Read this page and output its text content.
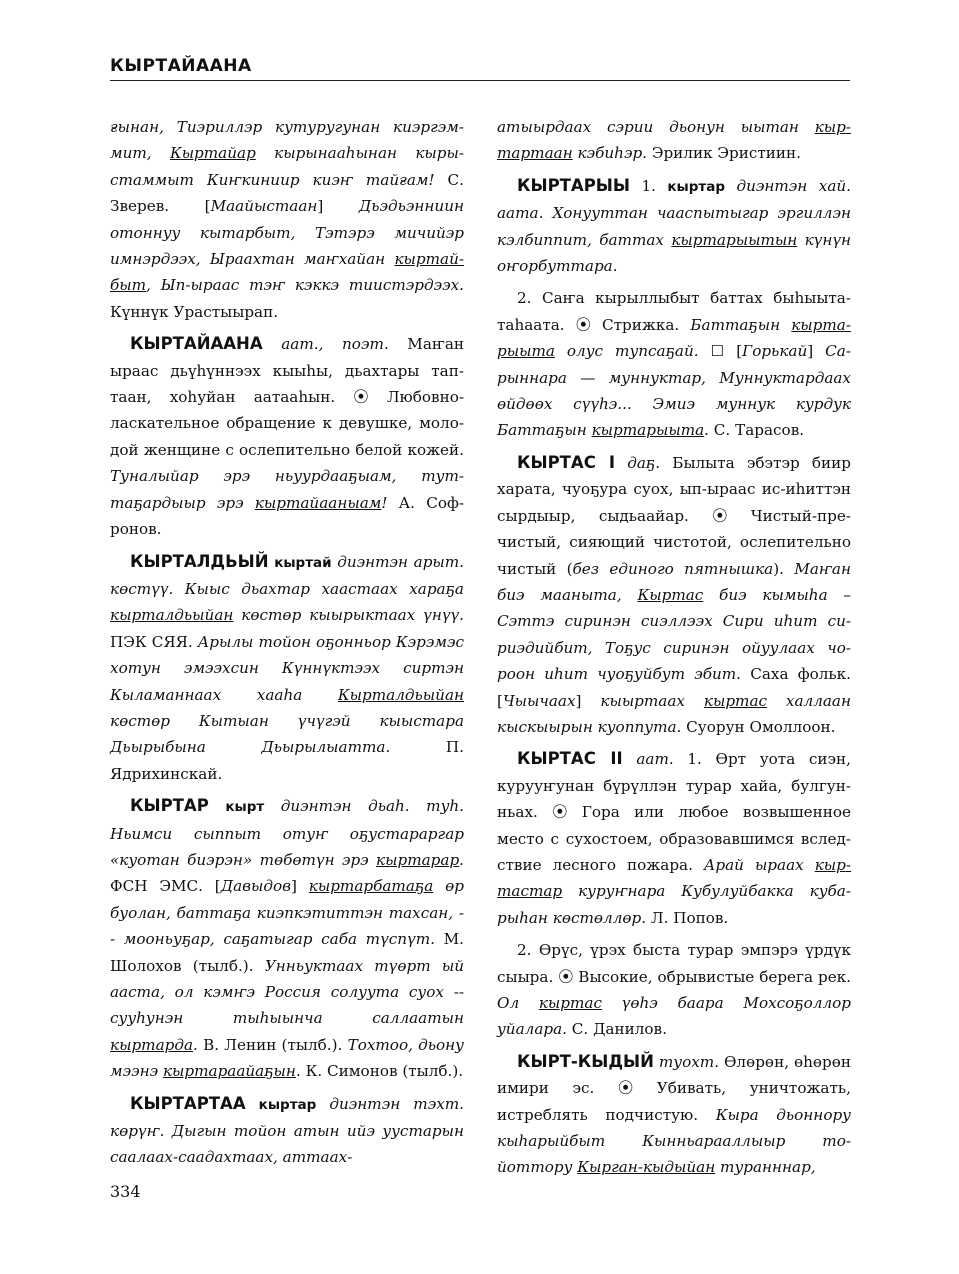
КЫРТАЙААНА

ғынан, Тиэриллэр кутуругунан киэргэммит, Кыртайар кырынааһынан кырыстаммыт Киҥкиниир киэҥ тайғам! С. Зверев. [Маайыстаан] Дьэдьэнниин отоннуу кытарбыт, Тэтэрэ мичийэр имнэрдээх, Ыраахтан маҥхайан кыртайбыт, Ып-ыраас тэҥ кэккэ тиистэрдээх. Күннүк Урастыырап.

КЫРТАЙААНА аат., поэт. Маҥан ыраас дьүһүннээх кыыһы, дьахтары таптаан, хоһуйан аатааһын. ⦿ Любовно-ласкательное обращение к девушке, молодой женщине с ослепительно белой кожей. Туналыйар эрэ ньуурдааҕыам, туттаҕардыыр эрэ кыртайааныам! А. Софронов.

КЫРТАЛДЬЫЙ кыртай диэнтэн арыт. көстүү. Кыыс дьахтар хаастаах хараҕа кырталдьыйан көстөр кыырыктаах үнүү. ПЭК СЯЯ. Арылы тойон оҕонньор Кэрэмэс хотун эмээхсин Күннүктээх сиртэн Кыламаннаах хааһа Кырталдьыйан көстөр Кытыан үчүгэй кыыстара Дьырыбына Дьырылыатта. П. Ядрихинскай.

КЫРТАР кырт диэнтэн дьаһ. туһ. Ньимси сыппыт отуҥ оҕустараргар «куотан биэрэн» төбөтүн эрэ кыртарар. ФСН ЭМС. [Давыдов] кыртарбатаҕа өр буолан, баттаҕа киэпкэтиттэн тахсан, -- мооньуҕар, саҕатыгар саба түспүт. М. Шолохов (тылб.). Унньуктаах түөрт ый ааста, ол кэмҥэ Россия солуута суох -- сууһунэн тыһыынча саллаатын кыртарда. В. Ленин (тылб.). Тохтоо, дьону мээнэ кыртараайаҕын. К. Симонов (тылб.).

КЫРТАРТАА кыртар диэнтэн тэхт. көрүҥ. Дыгын тойон атын ийэ уустарын саалаах-саадахтаах, аттаах-

атыырдаах сэрии дьонун ыытан кыртартаан кэбиһэр. Эрилик Эристиин.

КЫРТАРЫЫ 1. кыртар диэнтэн хай. аата. Хонууттан чааспытыгар эргиллэн кэлбиппит, баттах кыртарыытын күнүн оҥорбуттара.

2. Саҥа кырыллыбыт баттах быһыыта-таһаата. ⦿ Стрижка. Баттаҕын кыртарыыта олус тупсаҕай. ☐ [Горькай] Сарыннара — муннуктар, Муннуктардаах өйдөөх сүүһэ... Эмиэ муннук курдук Баттаҕын кыртарыыта. С. Тарасов.

КЫРТАС I даҕ. Былыта эбэтэр биир харата, чуоҕура суох, ып-ыраас ис-иһиттэн сырдыыр, сыдьаайар. ⦿ Чистый-пречистый, сияющий чистотой, ослепительно чистый (без единого пятнышка). Маҥан биэ мааныта, Кыртас биэ кымыһа – Сэттэ сиринэн сиэллээх Сири иһит сириэдийбит, Тоҕус сиринэн ойуулаах чороон иһит чуоҕуйбут эбит. Саха фольк. [Чыычаах] кыыртаах кыртас халлаан кыскыырын куоппута. Суорун Омоллоон.

КЫРТАС II аат. 1. Өрт уота сиэн, курууҥунан бүрүллэн турар хайа, булгунньах. ⦿ Гора или любое возвышенное место с сухостоем, образовавшимся вследствие лесного пожара. Арай ыраах кыртастар куруҥнара Кубулуйбакка кубарыһан көстөллөр. Л. Попов.

2. Өрүс, үрэх быста турар эмпэрэ үрдүк сыыра. ⦿ Высокие, обрывистые берега рек. Ол кыртас үөһэ баара Мохсоҕоллор уйалара. С. Данилов.

КЫРТ-КЫДЫЙ туохт. Өлөрөн, өһөрөн имири эс. ⦿ Убивать, уничтожать, истреблять подчистую. Кыра дьоннору кыһарыйбыт Кынньарааллыыр тойоттору Кырган-кыдыйан туранннар,

334
